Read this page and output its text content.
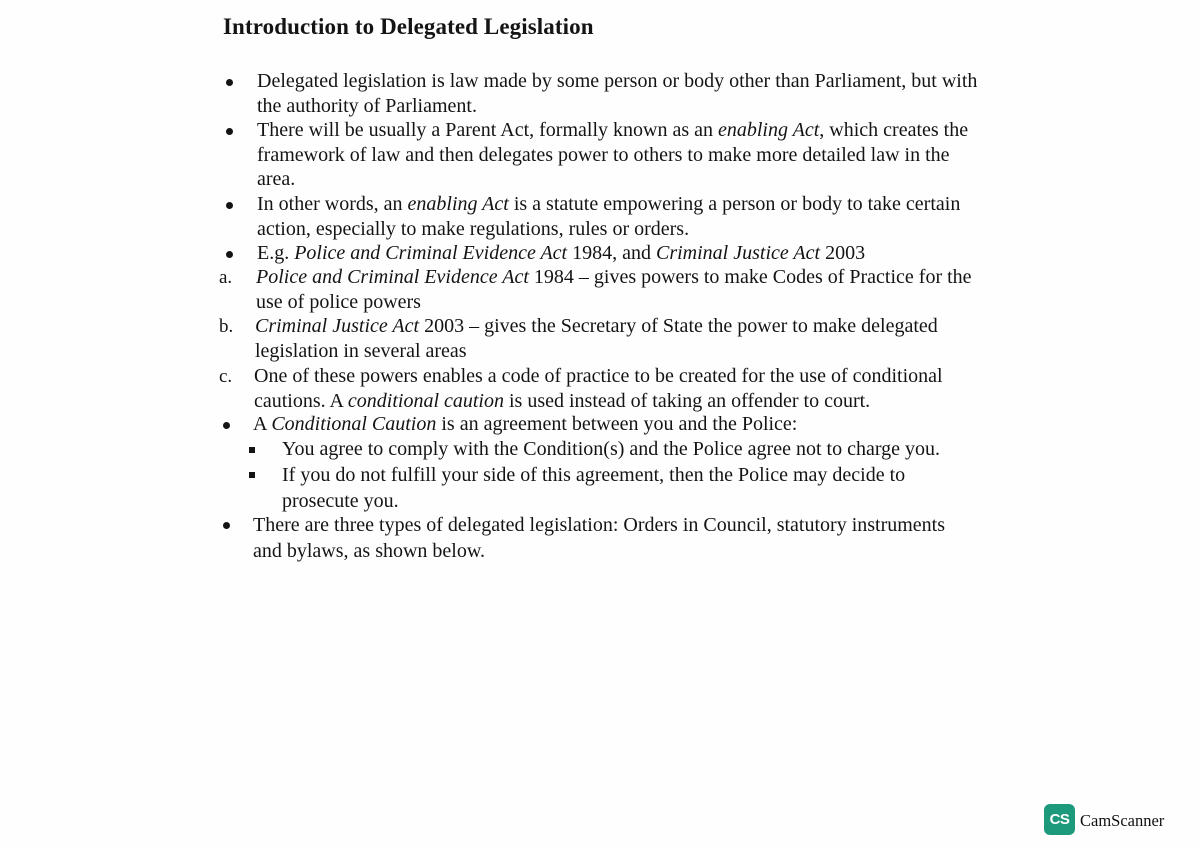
Introduction to Delegated Legislation
Delegated legislation is law made by some person or body other than Parliament, but with
the authority of Parliament.
There will be usually a Parent Act, formally known as an enabling Act, which creates the
framework of law and then delegates power to others to make more detailed law in the
area.
In other words, an enabling Act is a statute empowering a person or body to take certain
action, especially to make regulations, rules or orders.
E.g. Police and Criminal Evidence Act 1984, and Criminal Justice Act 2003
a. Police and Criminal Evidence Act 1984 – gives powers to make Codes of Practice for the
use of police powers
b. Criminal Justice Act 2003 – gives the Secretary of State the power to make delegated
legislation in several areas
c. One of these powers enables a code of practice to be created for the use of conditional
cautions. A conditional caution is used instead of taking an offender to court.
A Conditional Caution is an agreement between you and the Police:
You agree to comply with the Condition(s) and the Police agree not to charge you.
If you do not fulfill your side of this agreement, then the Police may decide to
prosecute you.
There are three types of delegated legislation: Orders in Council, statutory instruments
and bylaws, as shown below.
CS CamScanner
